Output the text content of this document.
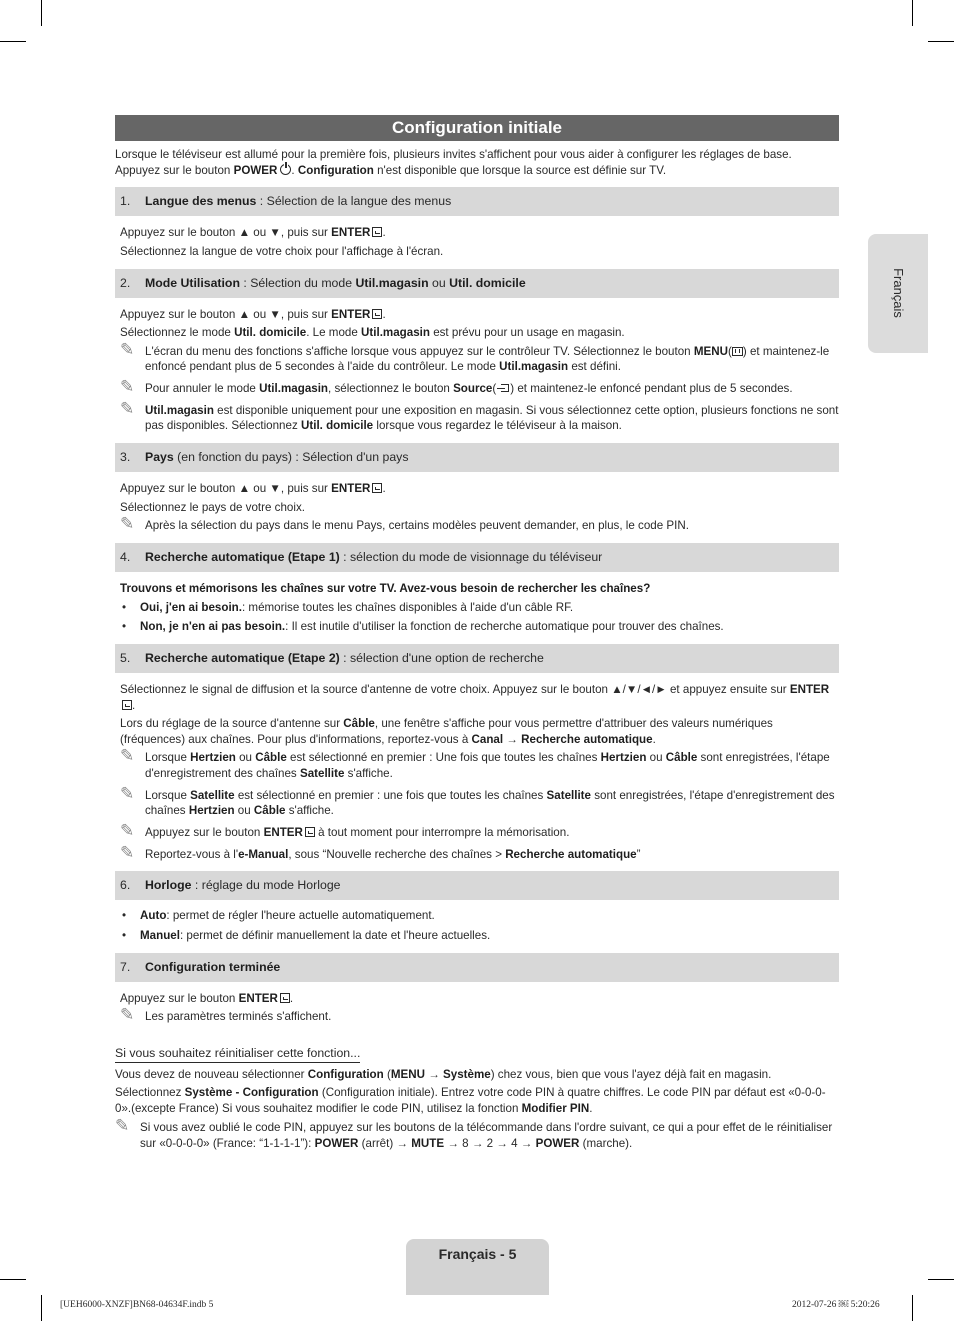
Français
Configuration initiale

Lorsque le téléviseur est allumé pour la première fois, plusieurs invites s'affichent pour vous aider à configurer les réglages de base.

Appuyez sur le bouton POWER . Configuration n'est disponible que lorsque la source est définie sur TV.

1. Langue des menus : Sélection de la langue des menus

Appuyez sur le bouton ▲ ou ▼, puis sur ENTER .

Sélectionnez la langue de votre choix pour l'affichage à l'écran.

2. Mode Utilisation : Sélection du mode Util.magasin ou Util. domicile

Appuyez sur le bouton ▲ ou ▼, puis sur ENTER .

Sélectionnez le mode Util. domicile. Le mode Util.magasin est prévu pour un usage en magasin.

✎ L'écran du menu des fonctions s'affiche lorsque vous appuyez sur le contrôleur TV. Sélectionnez le bouton MENU( ) et maintenez-le enfoncé pendant plus de 5 secondes à l'aide du contrôleur. Le mode Util.magasin est défini.
✎ Pour annuler le mode Util.magasin, sélectionnez le bouton Source( ) et maintenez-le enfoncé pendant plus de 5 secondes.
✎ Util.magasin est disponible uniquement pour une exposition en magasin. Si vous sélectionnez cette option, plusieurs fonctions ne sont pas disponibles. Sélectionnez Util. domicile lorsque vous regardez le téléviseur à la maison.
3. Pays (en fonction du pays) : Sélection d'un pays

Appuyez sur le bouton ▲ ou ▼, puis sur ENTER .

Sélectionnez le pays de votre choix.

✎ Après la sélection du pays dans le menu Pays, certains modèles peuvent demander, en plus, le code PIN.
4. Recherche automatique (Etape 1) : sélection du mode de visionnage du téléviseur

Trouvons et mémorisons les chaînes sur votre TV. Avez-vous besoin de rechercher les chaînes?

• Oui, j'en ai besoin.: mémorise toutes les chaînes disponibles à l'aide d'un câble RF.
• Non, je n'en ai pas besoin.: Il est inutile d'utiliser la fonction de recherche automatique pour trouver des chaînes.
5. Recherche automatique (Etape 2) : sélection d'une option de recherche

Sélectionnez le signal de diffusion et la source d'antenne de votre choix. Appuyez sur le bouton ▲/▼/◄/► et appuyez ensuite sur ENTER.

Lors du réglage de la source d'antenne sur Câble, une fenêtre s'affiche pour vous permettre d'attribuer des valeurs numériques (fréquences) aux chaînes. Pour plus d'informations, reportez-vous à Canal → Recherche automatique.

✎ Lorsque Hertzien ou Câble est sélectionné en premier : Une fois que toutes les chaînes Hertzien ou Câble sont enregistrées, l'étape d'enregistrement des chaînes Satellite s'affiche.
✎ Lorsque Satellite est sélectionné en premier : une fois que toutes les chaînes Satellite sont enregistrées, l'étape d'enregistrement des chaînes Hertzien ou Câble s'affiche.
✎ Appuyez sur le bouton ENTER à tout moment pour interrompre la mémorisation.
✎ Reportez-vous à l'e-Manual, sous “Nouvelle recherche des chaînes > Recherche automatique”
6. Horloge : réglage du mode Horloge
• Auto: permet de régler l'heure actuelle automatiquement.
• Manuel: permet de définir manuellement la date et l'heure actuelles.
7. Configuration terminée

Appuyez sur le bouton ENTER .

✎ Les paramètres terminés s'affichent.
Si vous souhaitez réinitialiser cette fonction...

Vous devez de nouveau sélectionner Configuration (MENU → Système) chez vous, bien que vous l'ayez déjà fait en magasin.

Sélectionnez Système - Configuration (Configuration initiale). Entrez votre code PIN à quatre chiffres. Le code PIN par défaut est «0-0-0-0».(excepte France) Si vous souhaitez modifier le code PIN, utilisez la fonction Modifier PIN.

✎ Si vous avez oublié le code PIN, appuyez sur les boutons de la télécommande dans l'ordre suivant, ce qui a pour effet de le réinitialiser sur «0-0-0-0» (France: “1-1-1-1”): POWER (arrêt) → MUTE → 8 → 2 → 4 → POWER (marche).
Français - 5
[UEH6000-XNZF]BN68-04634F.indb 5	2012-07-26 ￼ 5:20:26
